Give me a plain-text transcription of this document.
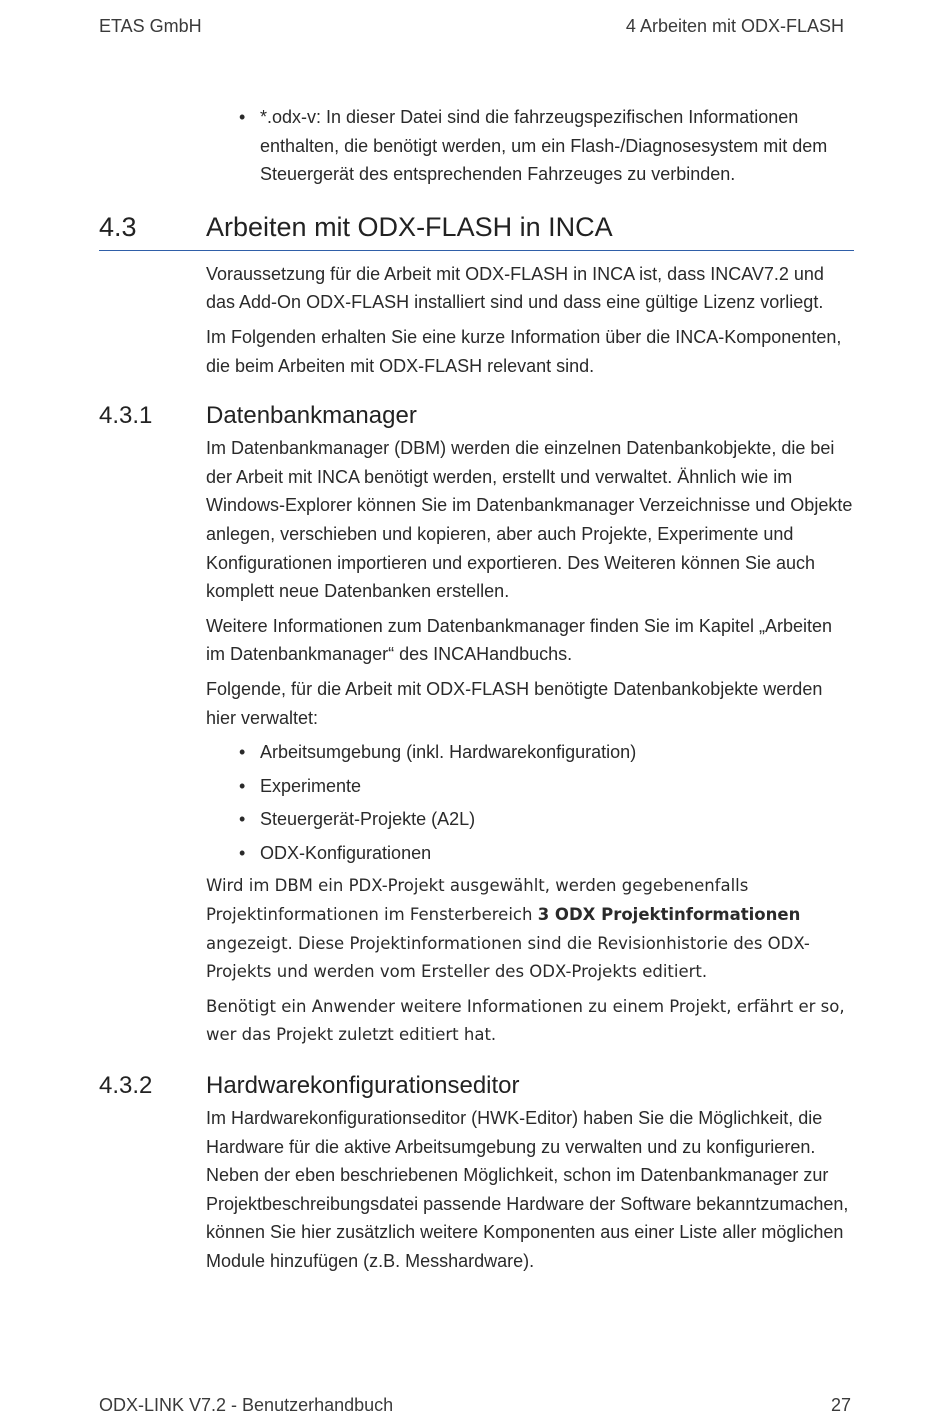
ETAS GmbH	4 Arbeiten mit ODX-FLASH
• *.odx-v: In dieser Datei sind die fahrzeugspezifischen Informationen enthalten, die benötigt werden, um ein Flash-/Diagnosesystem mit dem Steuergerät des entsprechenden Fahrzeuges zu verbinden.
4.3	Arbeiten mit ODX-FLASH in INCA

Voraussetzung für die Arbeit mit ODX-FLASH in INCA ist, dass INCAV7.2 und das Add-On ODX-FLASH installiert sind und dass eine gültige Lizenz vorliegt.

Im Folgenden erhalten Sie eine kurze Information über die INCA-Komponenten, die beim Arbeiten mit ODX-FLASH relevant sind.

4.3.1 Datenbankmanager

Im Datenbankmanager (DBM) werden die einzelnen Datenbankobjekte, die bei der Arbeit mit INCA benötigt werden, erstellt und verwaltet. Ähnlich wie im Windows-Explorer können Sie im Datenbankmanager Verzeichnisse und Objekte anlegen, verschieben und kopieren, aber auch Projekte, Experimente und Konfigurationen importieren und exportieren. Des Weiteren können Sie auch komplett neue Datenbanken erstellen.

Weitere Informationen zum Datenbankmanager finden Sie im Kapitel „Arbeiten im Datenbankmanager“ des INCAHandbuchs.

Folgende, für die Arbeit mit ODX-FLASH benötigte Datenbankobjekte werden hier verwaltet:

• Arbeitsumgebung (inkl. Hardwarekonfiguration)
• Experimente
• Steuergerät-Projekte (A2L)
• ODX-Konfigurationen

Wird im DBM ein PDX-Projekt ausgewählt, werden gegebenenfalls Projektinformationen im Fensterbereich 3 ODX Projektinformationen angezeigt. Diese Projektinformationen sind die Revisionhistorie des ODX-Projekts und werden vom Ersteller des ODX-Projekts editiert.

Benötigt ein Anwender weitere Informationen zu einem Projekt, erfährt er so, wer das Projekt zuletzt editiert hat.

4.3.2 Hardwarekonfigurationseditor

Im Hardwarekonfigurationseditor (HWK-Editor) haben Sie die Möglichkeit, die Hardware für die aktive Arbeitsumgebung zu verwalten und zu konfigurieren. Neben der eben beschriebenen Möglichkeit, schon im Datenbankmanager zur Projektbeschreibungsdatei passende Hardware der Software bekanntzumachen, können Sie hier zusätzlich weitere Komponenten aus einer Liste aller möglichen Module hinzufügen (z.B. Messhardware).

ODX-LINK V7.2 - Benutzerhandbuch	27
